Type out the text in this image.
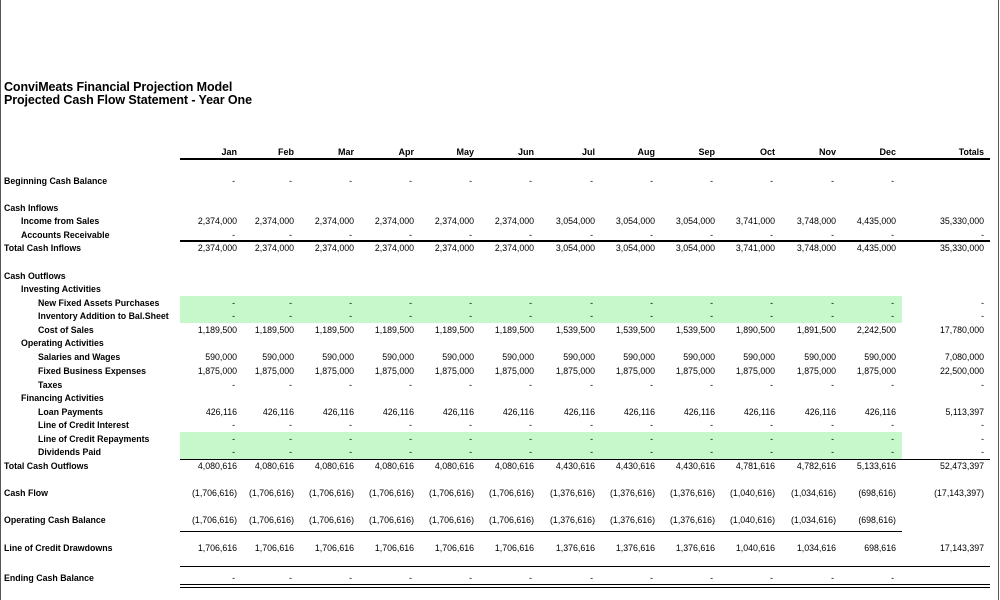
ConviMeats Financial Projection Model
Projected Cash Flow Statement - Year One
Jan	Feb	Mar	Apr	May	Jun	Jul	Aug	Sep	Oct	Nov	Dec	Totals
Beginning Cash Balance	-	-	-	-	-	-	-	-	-	-	-	-
Cash Inflows
Income from Sales	2,374,000	2,374,000	2,374,000	2,374,000	2,374,000	2,374,000	3,054,000	3,054,000	3,054,000	3,741,000	3,748,000	4,435,000	35,330,000
Accounts Receivable	-	-	-	-	-	-	-	-	-	-	-	-	-
Total Cash Inflows	2,374,000	2,374,000	2,374,000	2,374,000	2,374,000	2,374,000	3,054,000	3,054,000	3,054,000	3,741,000	3,748,000	4,435,000	35,330,000
Cash Outflows
Investing Activities
New Fixed Assets Purchases	-	-	-	-	-	-	-	-	-	-	-	-	-
Inventory Addition to Bal.Sheet	-	-	-	-	-	-	-	-	-	-	-	-	-
Cost of Sales	1,189,500	1,189,500	1,189,500	1,189,500	1,189,500	1,189,500	1,539,500	1,539,500	1,539,500	1,890,500	1,891,500	2,242,500	17,780,000
Operating Activities
Salaries and Wages	590,000	590,000	590,000	590,000	590,000	590,000	590,000	590,000	590,000	590,000	590,000	590,000	7,080,000
Fixed Business Expenses	1,875,000	1,875,000	1,875,000	1,875,000	1,875,000	1,875,000	1,875,000	1,875,000	1,875,000	1,875,000	1,875,000	1,875,000	22,500,000
Taxes	-	-	-	-	-	-	-	-	-	-	-	-	-
Financing Activities
Loan Payments	426,116	426,116	426,116	426,116	426,116	426,116	426,116	426,116	426,116	426,116	426,116	426,116	5,113,397
Line of Credit Interest	-	-	-	-	-	-	-	-	-	-	-	-	-
Line of Credit Repayments	-	-	-	-	-	-	-	-	-	-	-	-	-
Dividends Paid	-	-	-	-	-	-	-	-	-	-	-	-	-
Total Cash Outflows	4,080,616	4,080,616	4,080,616	4,080,616	4,080,616	4,080,616	4,430,616	4,430,616	4,430,616	4,781,616	4,782,616	5,133,616	52,473,397
Cash Flow	(1,706,616)	(1,706,616)	(1,706,616)	(1,706,616)	(1,706,616)	(1,706,616)	(1,376,616)	(1,376,616)	(1,376,616)	(1,040,616)	(1,034,616)	(698,616)	(17,143,397)
Operating Cash Balance	(1,706,616)	(1,706,616)	(1,706,616)	(1,706,616)	(1,706,616)	(1,706,616)	(1,376,616)	(1,376,616)	(1,376,616)	(1,040,616)	(1,034,616)	(698,616)
Line of Credit Drawdowns	1,706,616	1,706,616	1,706,616	1,706,616	1,706,616	1,706,616	1,376,616	1,376,616	1,376,616	1,040,616	1,034,616	698,616	17,143,397
Ending Cash Balance	-	-	-	-	-	-	-	-	-	-	-	-
